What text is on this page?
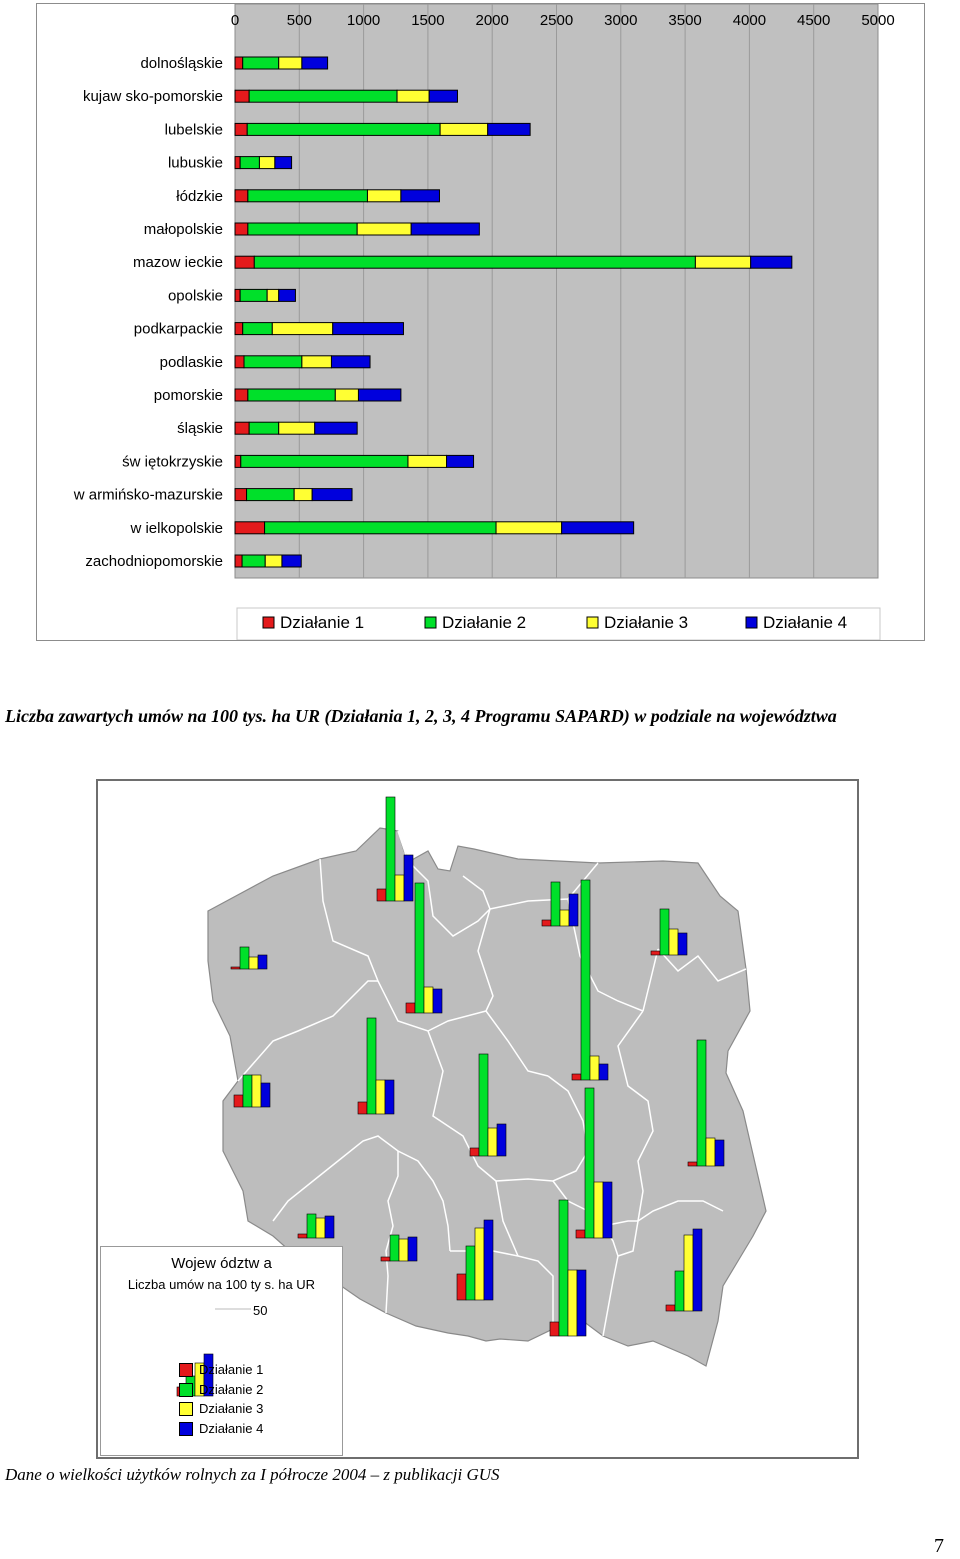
0	500 1000 1500 2000 2500 3000 3500 4000 4500 5000
dolnośląskie
kujaw sko-pomorskie
lubelskie
lubuskie
łódzkie
małopolskie
mazow ieckie
opolskie
podkarpackie
podlaskie
pomorskie
śląskie
św iętokrzyskie
w armińsko-mazurskie
w ielkopolskie
zachodniopomorskie
Działanie 1	Działanie 2	Działanie 3	Działanie 4
Liczba zawartych umów na 100 tys. ha UR (Działania 1, 2, 3, 4 Programu SAPARD) w podziale na województwa
Wojew ództw a
Liczba umów na 100 ty s. ha UR
50
Działanie 1
Działanie 2
Działanie 3
Działanie 4
Dane o wielkości użytków rolnych za I półrocze 2004 – z publikacji GUS
7
